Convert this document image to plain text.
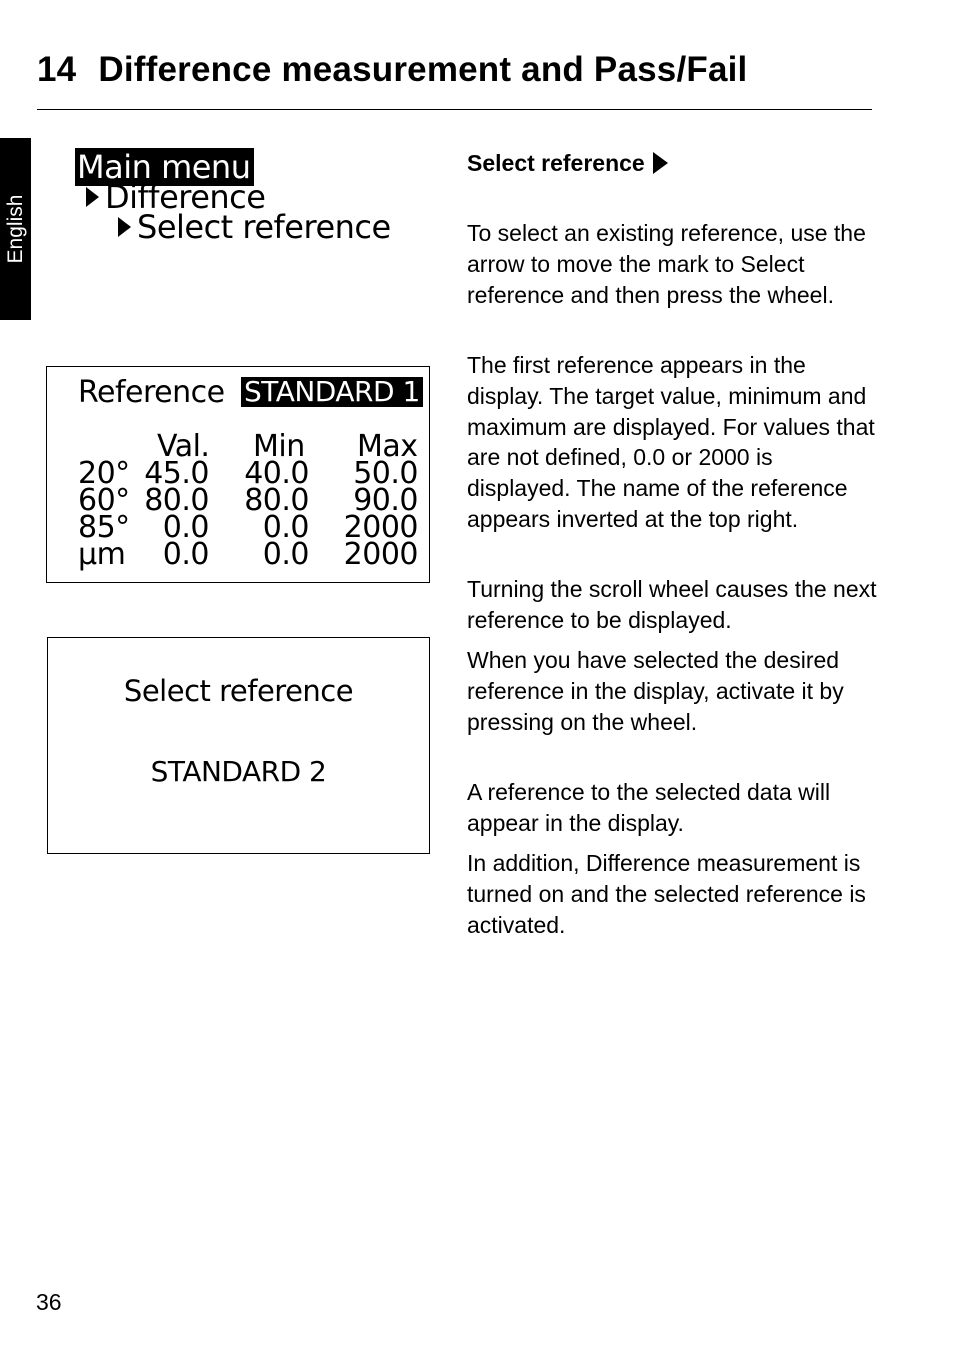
14 Difference measurement and Pass/Fail
English
Main menu
Difference
Select reference
Reference STANDARD 1
Val. Min Max
20° 45.0 40.0 50.0
60° 80.0 80.0 90.0
85° 0.0 0.0 2000
µm 0.0 0.0 2000
Select reference
STANDARD 2
Select reference

To select an existing reference, use the arrow to move the mark to Select reference and then press the wheel.

The first reference appears in the display. The target value, minimum and maximum are displayed. For values that are not defined, 0.0 or 2000 is displayed. The name of the reference appears inverted at the top right.

Turning the scroll wheel causes the next reference to be displayed.

When you have selected the desired reference in the display, activate it by pressing on the wheel.

A reference to the selected data will appear in the display.

In addition, Difference measurement is turned on and the selected reference is activated.

36
